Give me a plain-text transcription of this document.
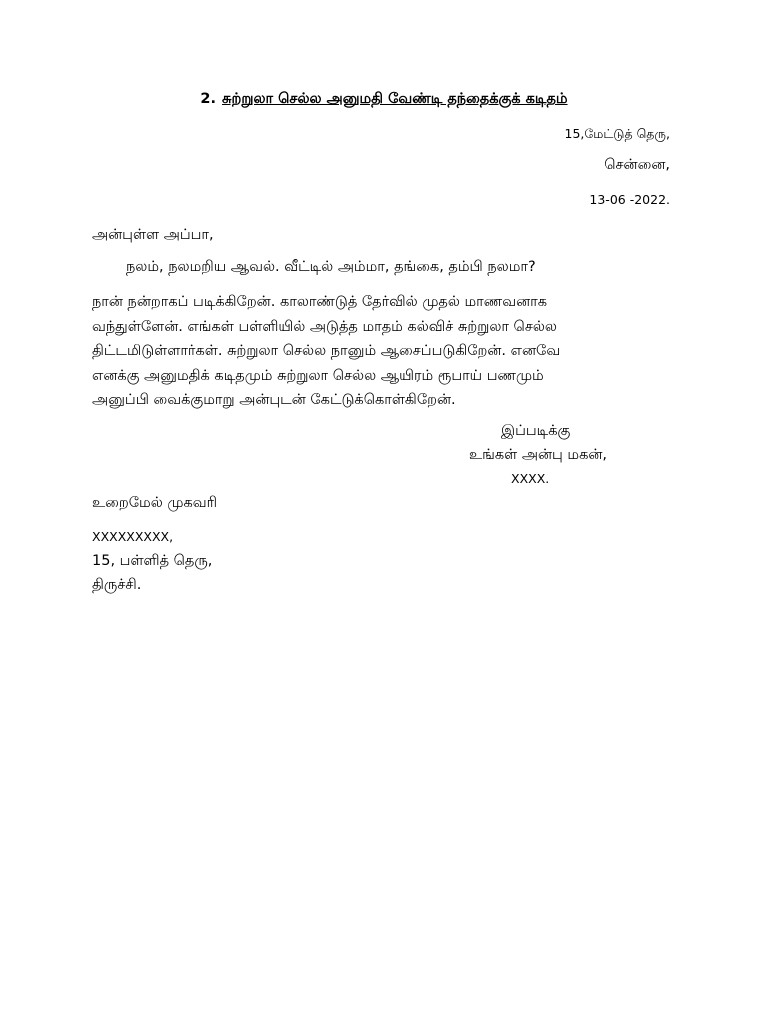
2. சுற்றுலா செல்ல அனுமதி வேண்டி தந்தைக்குக் கடிதம்
15,மேட்டுத் தெரு,
சென்னை,
13-06 -2022.
அன்புள்ள அப்பா,
நலம், நலமறிய ஆவல். வீட்டில் அம்மா, தங்கை, தம்பி நலமா?
நான் நன்றாகப் படிக்கிறேன். காலாண்டுத் தேர்வில் முதல் மாணவனாக
வந்துள்ளேன். எங்கள் பள்ளியில் அடுத்த மாதம் கல்விச் சுற்றுலா செல்ல
திட்டமிடுள்ளார்கள். சுற்றுலா செல்ல நானும் ஆசைப்படுகிறேன். எனவே
எனக்கு அனுமதிக் கடிதமும் சுற்றுலா செல்ல ஆயிரம் ரூபாய் பணமும்
அனுப்பி வைக்குமாறு அன்புடன் கேட்டுக்கொள்கிறேன்.
இப்படிக்கு
உங்கள் அன்பு மகன்,
XXXX.
உறைமேல் முகவரி
XXXXXXXXX,
15, பள்ளித் தெரு,
திருச்சி.
